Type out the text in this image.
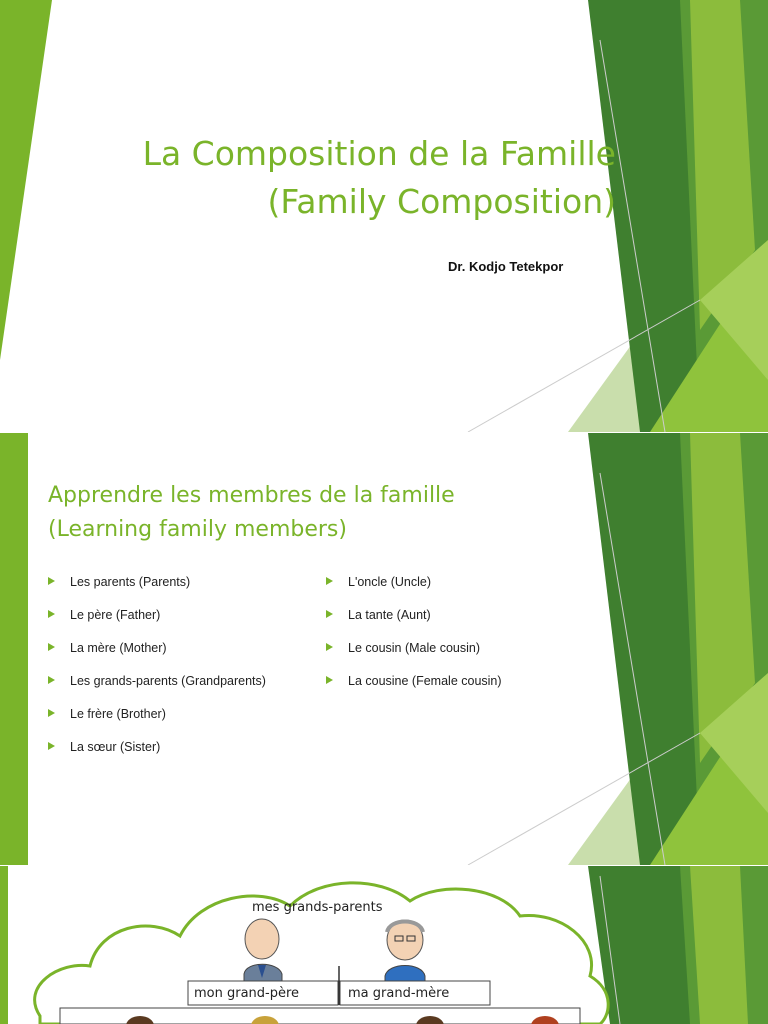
La Composition de la Famille
(Family Composition)
Dr. Kodjo Tetekpor
Apprendre les membres de la famille
(Learning family members)
Les parents (Parents)
Le père (Father)
La mère (Mother)
Les grands-parents (Grandparents)
Le frère (Brother)
La sœur (Sister)
L'oncle (Uncle)
La tante (Aunt)
Le cousin (Male cousin)
La cousine (Female cousin)
mes grands-parents
mon grand-père	ma grand-mère
